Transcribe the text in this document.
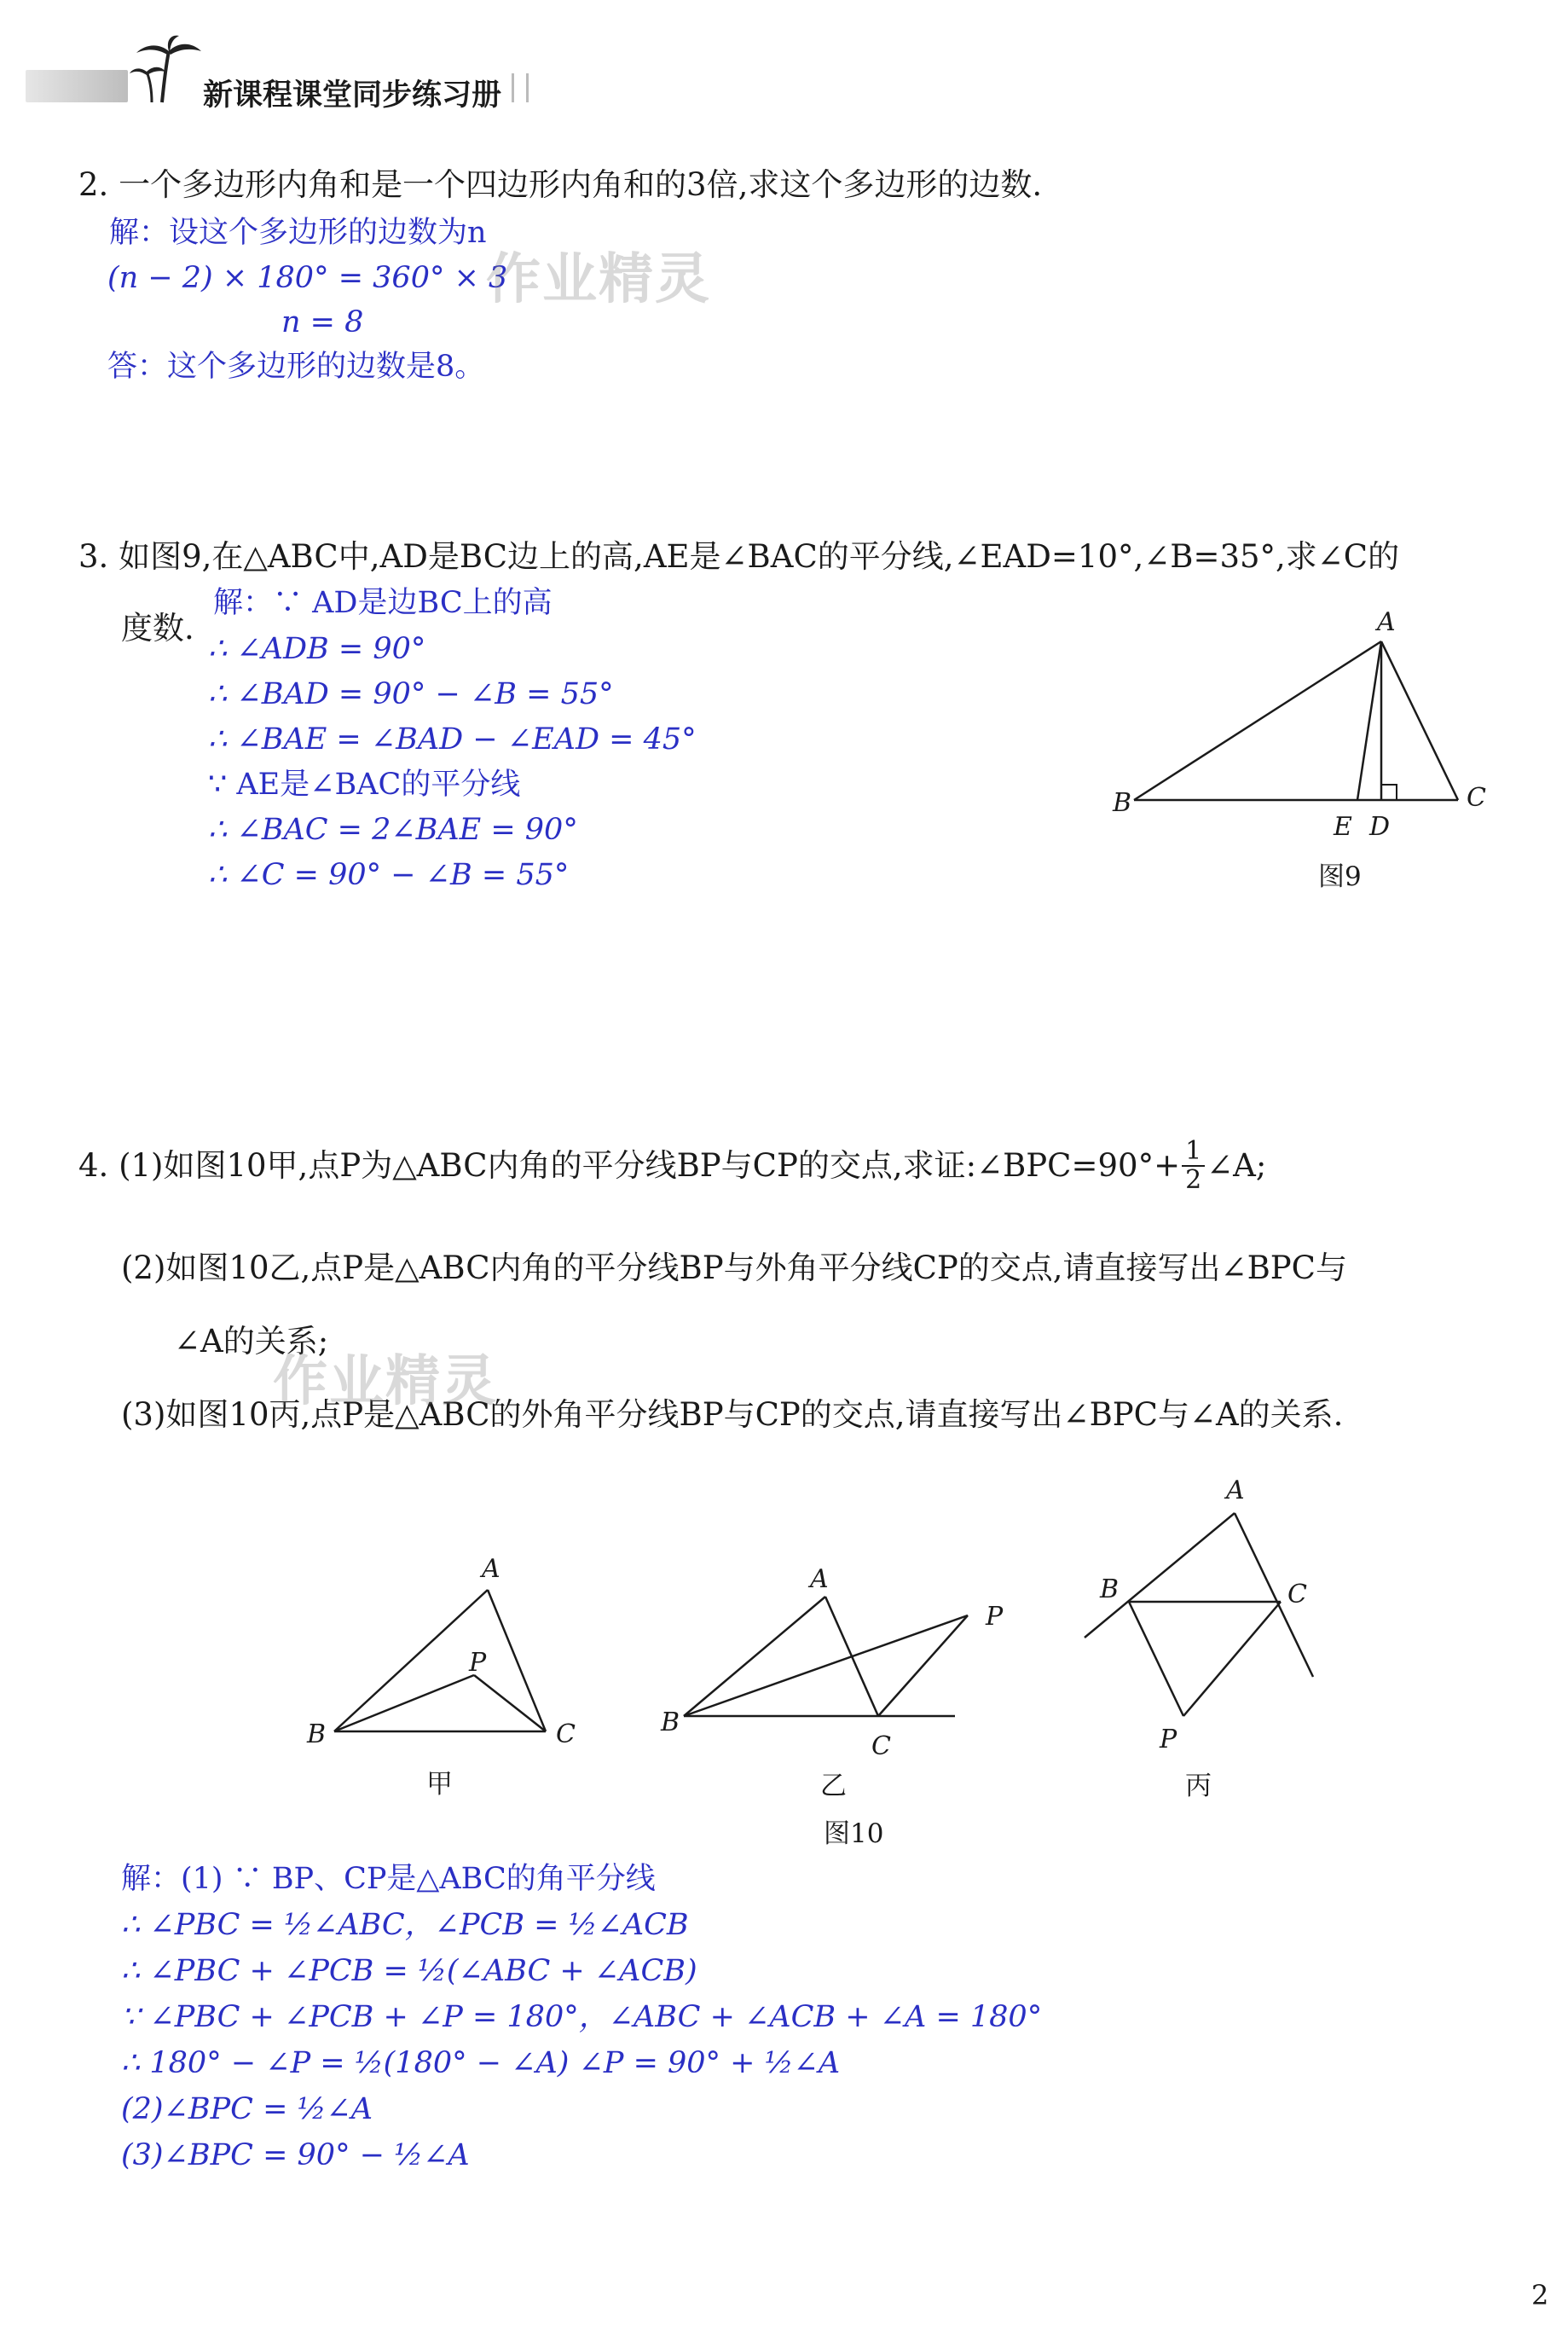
新课程课堂同步练习册
2. 一个多边形内角和是一个四边形内角和的3倍,求这个多边形的边数.
解：设这个多边形的边数为n
(n − 2) × 180° = 360° × 3
n = 8
答：这个多边形的边数是8。
作业精灵
3. 如图9,在△ABC中,AD是BC边上的高,AE是∠BAC的平分线,∠EAD=10°,∠B=35°,求∠C的
度数.
解：∵ AD是边BC上的高
∴ ∠ADB = 90°
∴ ∠BAD = 90° − ∠B = 55°
∴ ∠BAE = ∠BAD − ∠EAD = 45°
∵ AE是∠BAC的平分线
∴ ∠BAC = 2∠BAE = 90°
∴ ∠C = 90° − ∠B = 55°
A
B	C
E D
图9
4. (1)如图10甲,点P为△ABC内角的平分线BP与CP的交点,求证:∠BPC=90°+ $\frac{1}{2}$ ∠A;
(2)如图10乙,点P是△ABC内角的平分线BP与外角平分线CP的交点,请直接写出∠BPC与
∠A的关系;
(3)如图10丙,点P是△ABC的外角平分线BP与CP的交点,请直接写出∠BPC与∠A的关系.
作业精灵
A
B	C
P
甲
A
B
C
P
乙
A
B	C
P
丙
图10
解：(1) ∵ BP、CP是△ABC的角平分线
∴ ∠PBC = ½∠ABC，∠PCB = ½∠ACB
∴ ∠PBC + ∠PCB = ½(∠ABC + ∠ACB)
∵ ∠PBC + ∠PCB + ∠P = 180°，∠ABC + ∠ACB + ∠A = 180°
∴ 180° − ∠P = ½(180° − ∠A) ∠P = 90° + ½∠A
(2)∠BPC = ½∠A
(3)∠BPC = 90° − ½∠A
2
